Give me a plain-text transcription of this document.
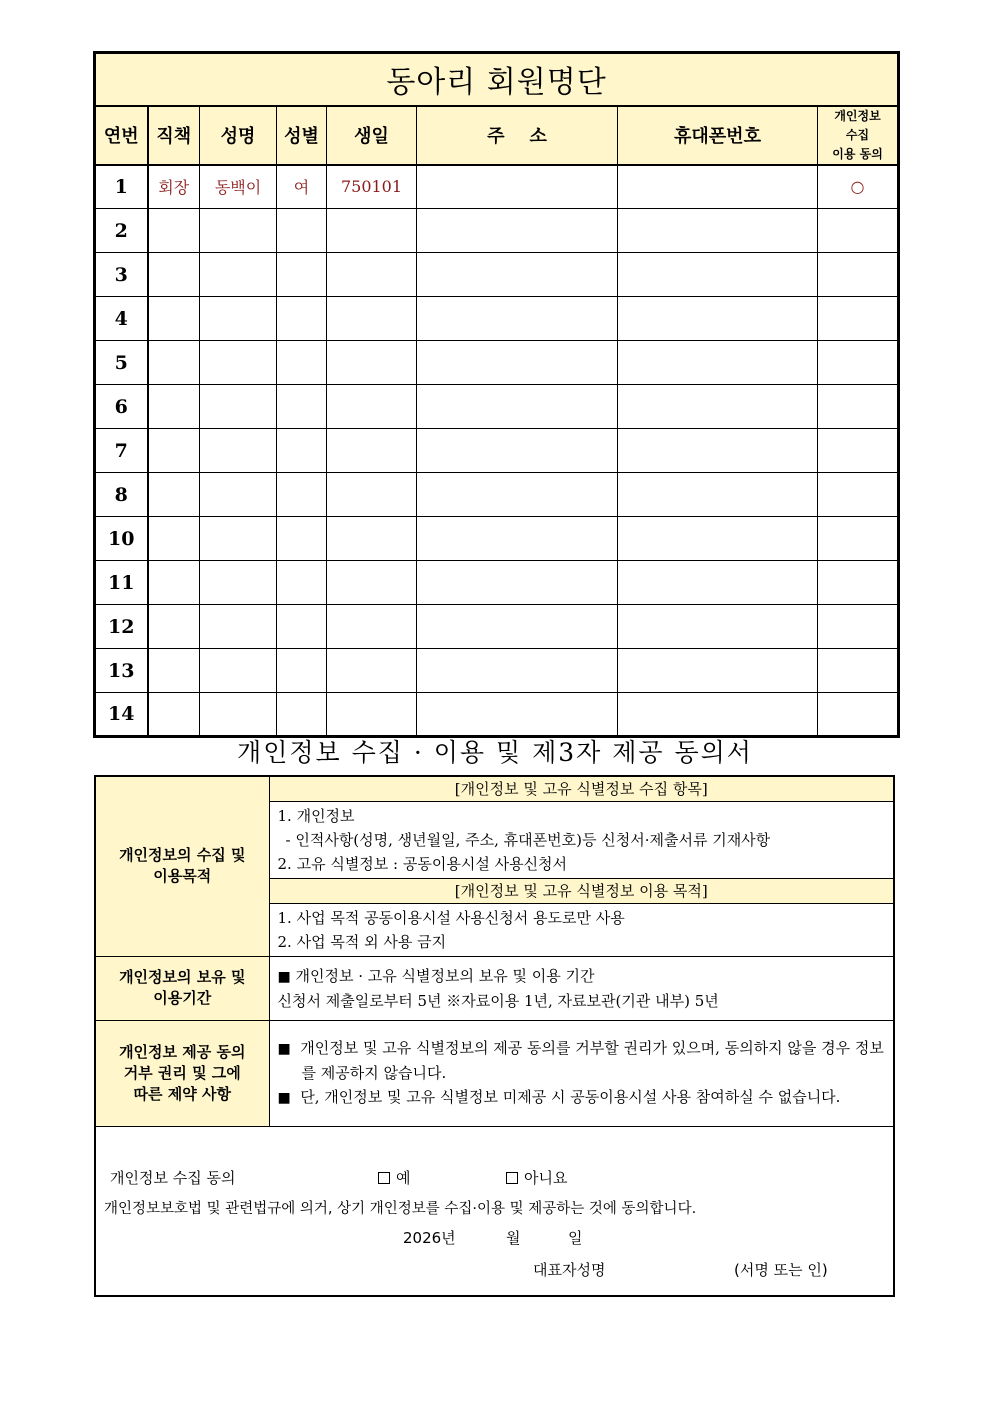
동아리 회원명단							
연번	직책	성명	성별	생일	주    소	휴대폰번호	개인정보
수집
이용 동의

1	회장	동백이	여	750101			○
2							
3							
4							
5							
6							
7							
8							
10							
11							
12							
13							
14							
개인정보 수집 · 이용 및 제3자 제공 동의서
개인정보의 수집 및
이용목적	[개인정보 및 고유 식별정보 수집 항목]

	1. 개인정보
- 인적사항(성명, 생년월일, 주소, 휴대폰번호)등 신청서·제출서류 기재사항
2. 고유 식별정보 : 공동이용시설 사용신청서

	[개인정보 및 고유 식별정보 이용 목적]

	1. 사업 목적 공동이용시설 사용신청서 용도로만 사용
2. 사업 목적 외 사용 금지

개인정보의 보유 및
이용기간

■ 개인정보 · 고유 식별정보의 보유 및 이용 기간
신청서 제출일로부터 5년 ※자료이용 1년, 자료보관(기관 내부) 5년

개인정보 제공 동의
거부 권리 및 그에
따른 제약 사항

■ 개인정보 및 고유 식별정보의 제공 동의를 거부할 권리가 있으며, 동의하지 않을 경우 정보를 제공하지 않습니다.
■ 단, 개인정보 및 고유 식별정보 미제공 시 공동이용시설 사용 참여하실 수 없습니다.

개인정보 수집 동의	예	아니요
개인정보보호법 및 관련법규에 의거, 상기 개인정보를 수집·이용 및 제공하는 것에 동의합니다.
2026년	월	일
대표자성명	(서명 또는 인)
